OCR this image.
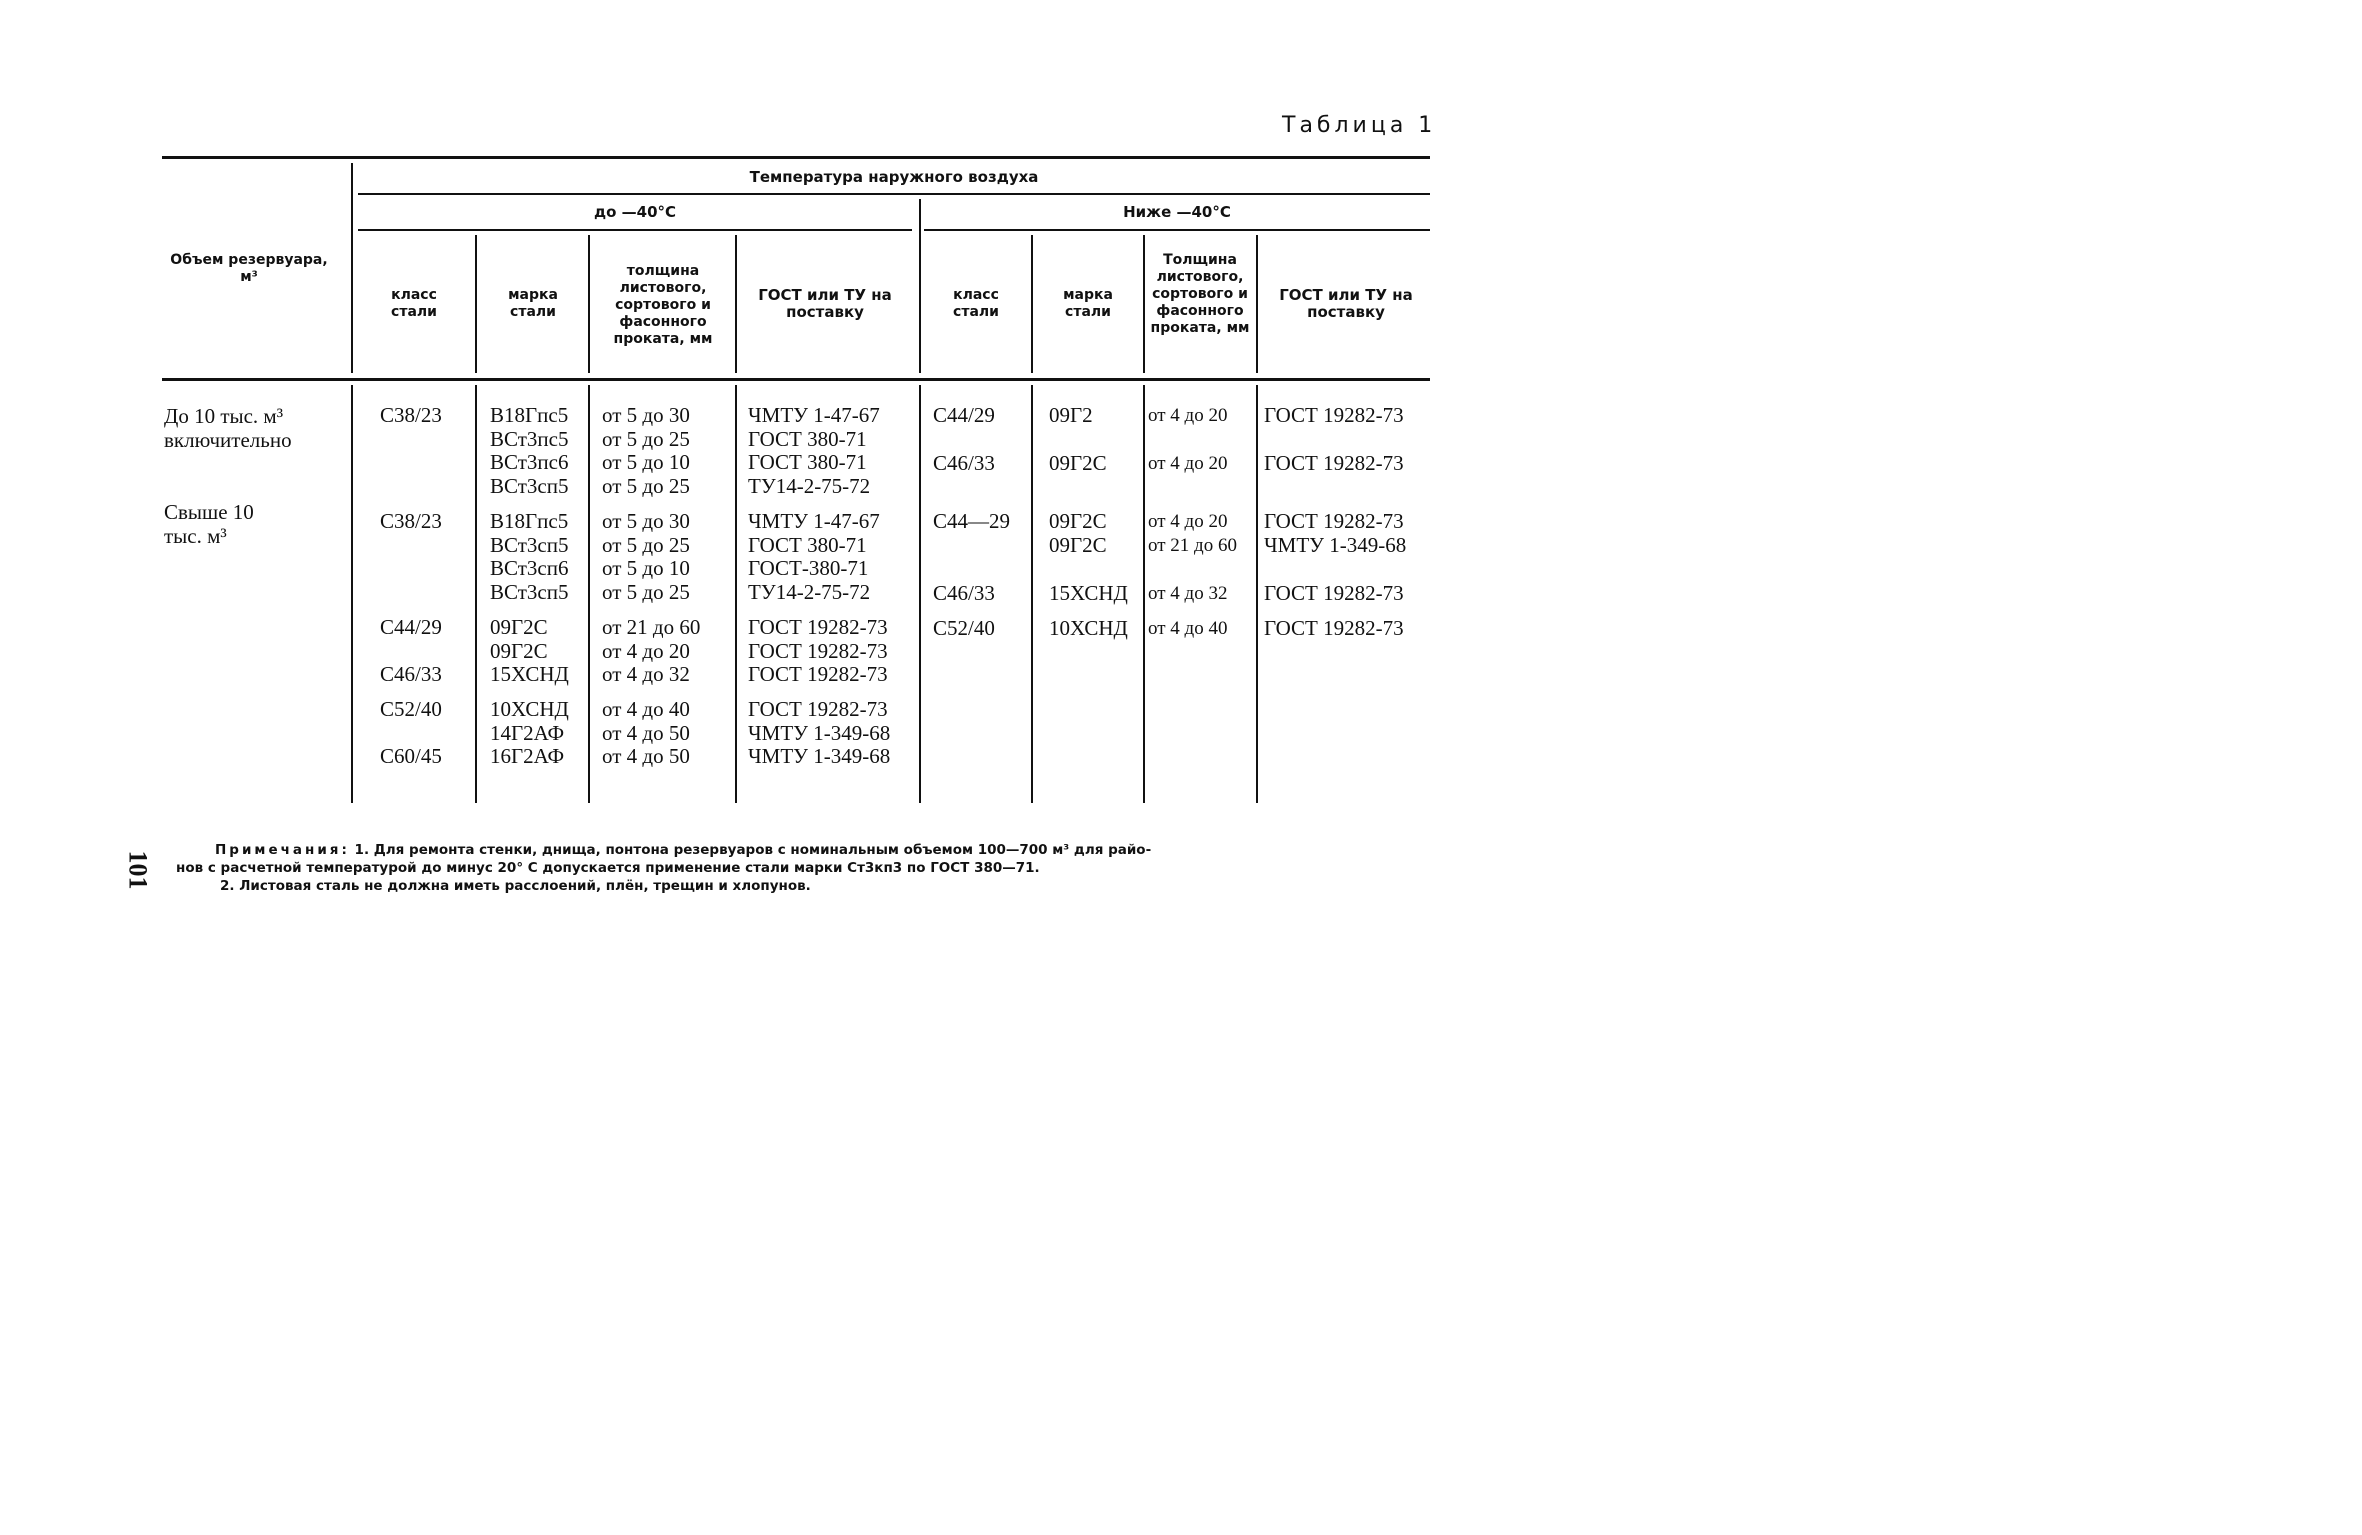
Таблица 1
Объем резервуара, м³
Температура наружного воздуха
до —40°С	Ниже —40°С
класс стали
марка стали
толщина листового, сортового и фасонного проката, мм
ГОСТ или ТУ на поставку
класс стали
марка стали
Толщина листового, сортового и фасонного проката, мм
ГОСТ или ТУ на поставку
До 10 тыс. м³ включительно
Свыше 10 тыс. м³
С38/23
С38/23
С44/29
С46/33
С52/40
С60/45
В18Гпс5
ВСт3пс5
ВСт3пс6
ВСт3сп5
В18Гпс5
ВСт3сп5
ВСт3сп6
ВСт3сп5
09Г2С
09Г2С
15ХСНД
10ХСНД
14Г2АФ
16Г2АФ
от 5 до 30
от 5 до 25
от 5 до 10
от 5 до 25
от 5 до 30
от 5 до 25
от 5 до 10
от 5 до 25
от 21 до 60
от 4 до 20
от 4 до 32
от 4 до 40
от 4 до 50
от 4 до 50
ЧМТУ 1-47-67
ГОСТ 380-71
ГОСТ 380-71
ТУ14-2-75-72
ЧМТУ 1-47-67
ГОСТ 380-71
ГОСТ-380-71
ТУ14-2-75-72
ГОСТ 19282-73
ГОСТ 19282-73
ГОСТ 19282-73
ГОСТ 19282-73
ЧМТУ 1-349-68
ЧМТУ 1-349-68
С44/29
С46/33
С44—29
С46/33
С52/40
09Г2
09Г2С
09Г2С
09Г2С
15ХСНД
10ХСНД
от 4 до 20
от 4 до 20
от 4 до 20
от 21 до 60
от 4 до 32
от 4 до 40
ГОСТ 19282-73
ГОСТ 19282-73
ГОСТ 19282-73
ЧМТУ 1-349-68
ГОСТ 19282-73
ГОСТ 19282-73
101
Примечания: 1. Для ремонта стенки, днища, понтона резервуаров с номинальным объемом 100—700 м³ для райо-
нов с расчетной температурой до минус 20° С допускается применение стали марки Ст3кп3 по ГОСТ 380—71.
2. Листовая сталь не должна иметь расслоений, плён, трещин и хлопунов.
